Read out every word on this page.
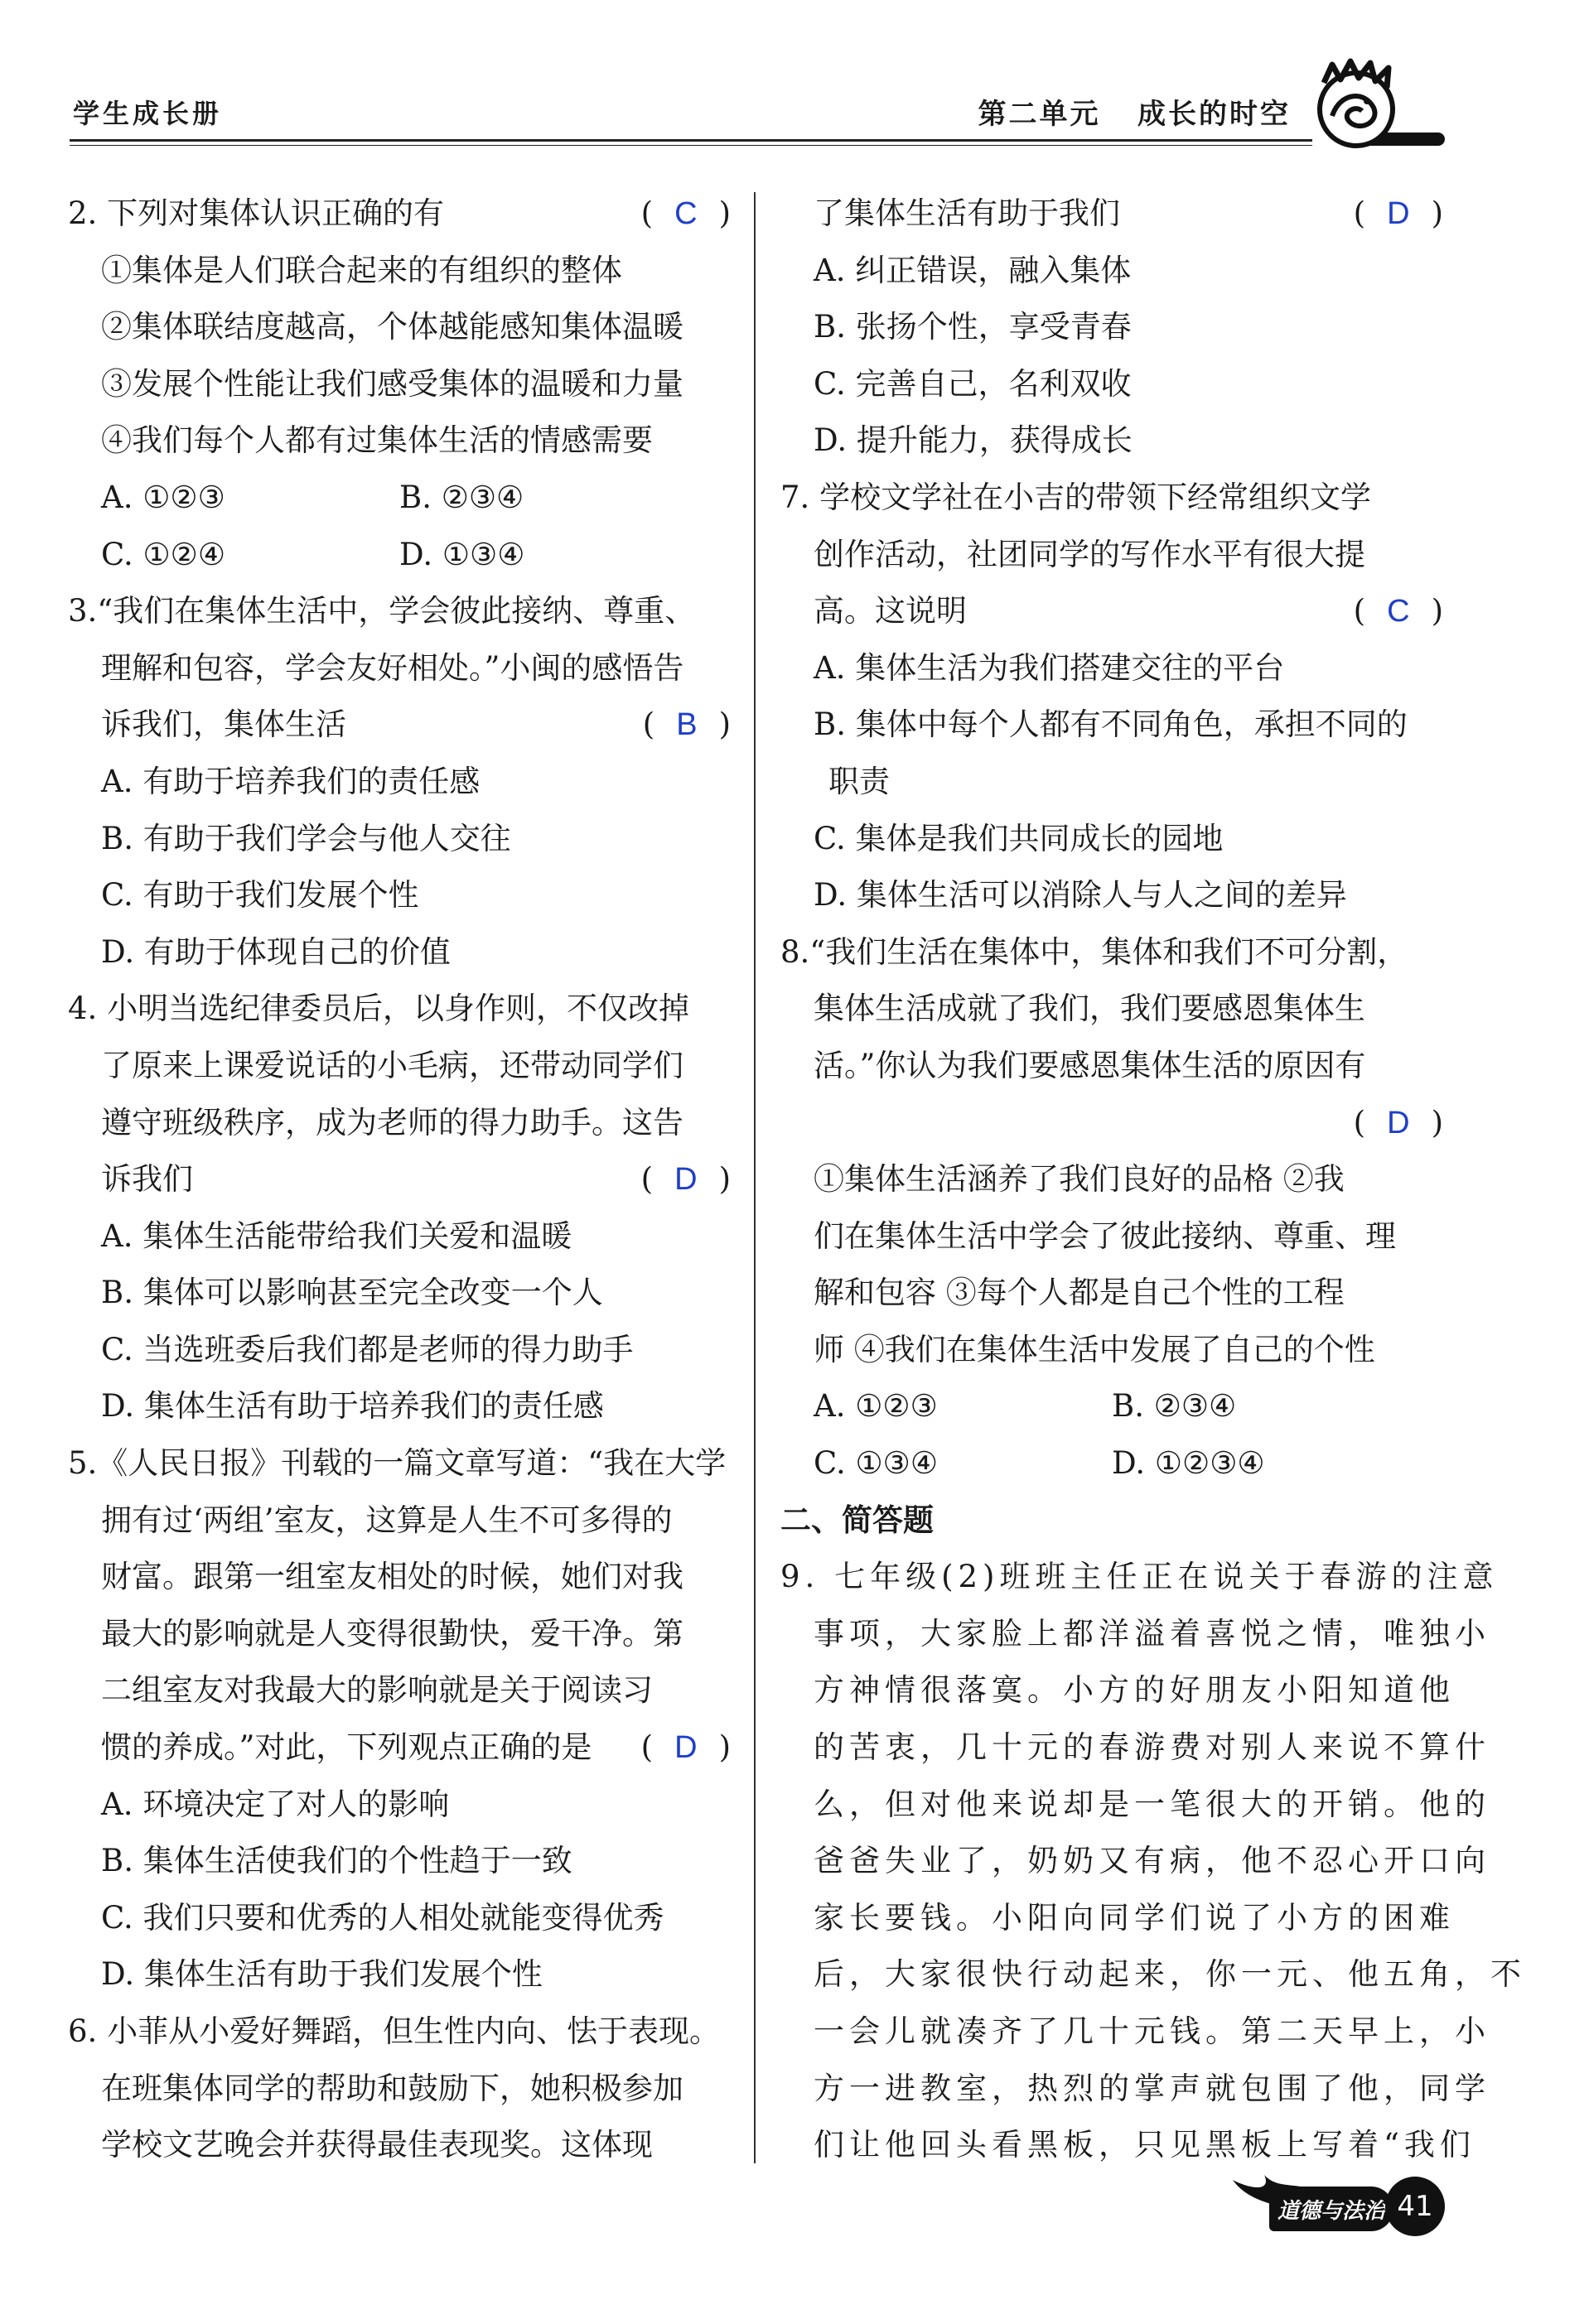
学生成长册	第二单元   成长的时空
2. 下列对集体认识正确的有	( C )
①集体是人们联合起来的有组织的整体
②集体联结度越高，个体越能感知集体温暖
③发展个性能让我们感受集体的温暖和力量
④我们每个人都有过集体生活的情感需要
A. ①②③	B. ②③④
C. ①②④	D. ①③④
3.“我们在集体生活中，学会彼此接纳、尊重、
理解和包容，学会友好相处。”小闽的感悟告
诉我们，集体生活	( B )
A. 有助于培养我们的责任感
B. 有助于我们学会与他人交往
C. 有助于我们发展个性
D. 有助于体现自己的价值
4. 小明当选纪律委员后，以身作则，不仅改掉
了原来上课爱说话的小毛病，还带动同学们
遵守班级秩序，成为老师的得力助手。这告
诉我们	( D )
A. 集体生活能带给我们关爱和温暖
B. 集体可以影响甚至完全改变一个人
C. 当选班委后我们都是老师的得力助手
D. 集体生活有助于培养我们的责任感
5.《人民日报》刊载的一篇文章写道：“我在大学
拥有过‘两组’室友，这算是人生不可多得的
财富。跟第一组室友相处的时候，她们对我
最大的影响就是人变得很勤快，爱干净。第
二组室友对我最大的影响就是关于阅读习
惯的养成。”对此，下列观点正确的是 ( D )
A. 环境决定了对人的影响
B. 集体生活使我们的个性趋于一致
C. 我们只要和优秀的人相处就能变得优秀
D. 集体生活有助于我们发展个性
6. 小菲从小爱好舞蹈，但生性内向、怯于表现。
在班集体同学的帮助和鼓励下，她积极参加
学校文艺晚会并获得最佳表现奖。这体现
了集体生活有助于我们	( D )
A. 纠正错误，融入集体
B. 张扬个性，享受青春
C. 完善自己，名利双收
D. 提升能力，获得成长
7. 学校文学社在小吉的带领下经常组织文学
创作活动，社团同学的写作水平有很大提
高。这说明	( C )
A. 集体生活为我们搭建交往的平台
B. 集体中每个人都有不同角色，承担不同的
职责
C. 集体是我们共同成长的园地
D. 集体生活可以消除人与人之间的差异
8.“我们生活在集体中，集体和我们不可分割，
集体生活成就了我们，我们要感恩集体生
活。”你认为我们要感恩集体生活的原因有
( D )
①集体生活涵养了我们良好的品格 ②我
们在集体生活中学会了彼此接纳、尊重、理
解和包容 ③每个人都是自己个性的工程
师 ④我们在集体生活中发展了自己的个性
A. ①②③	B. ②③④
C. ①③④	D. ①②③④
二、简答题
9. 七年级(2)班班主任正在说关于春游的注意
事项，大家脸上都洋溢着喜悦之情，唯独小
方神情很落寞。小方的好朋友小阳知道他
的苦衷，几十元的春游费对别人来说不算什
么，但对他来说却是一笔很大的开销。他的
爸爸失业了，奶奶又有病，他不忍心开口向
家长要钱。小阳向同学们说了小方的困难
后，大家很快行动起来，你一元、他五角，不
一会儿就凑齐了几十元钱。第二天早上，小
方一进教室，热烈的掌声就包围了他，同学
们让他回头看黑板，只见黑板上写着“我们
道德与法治 41
